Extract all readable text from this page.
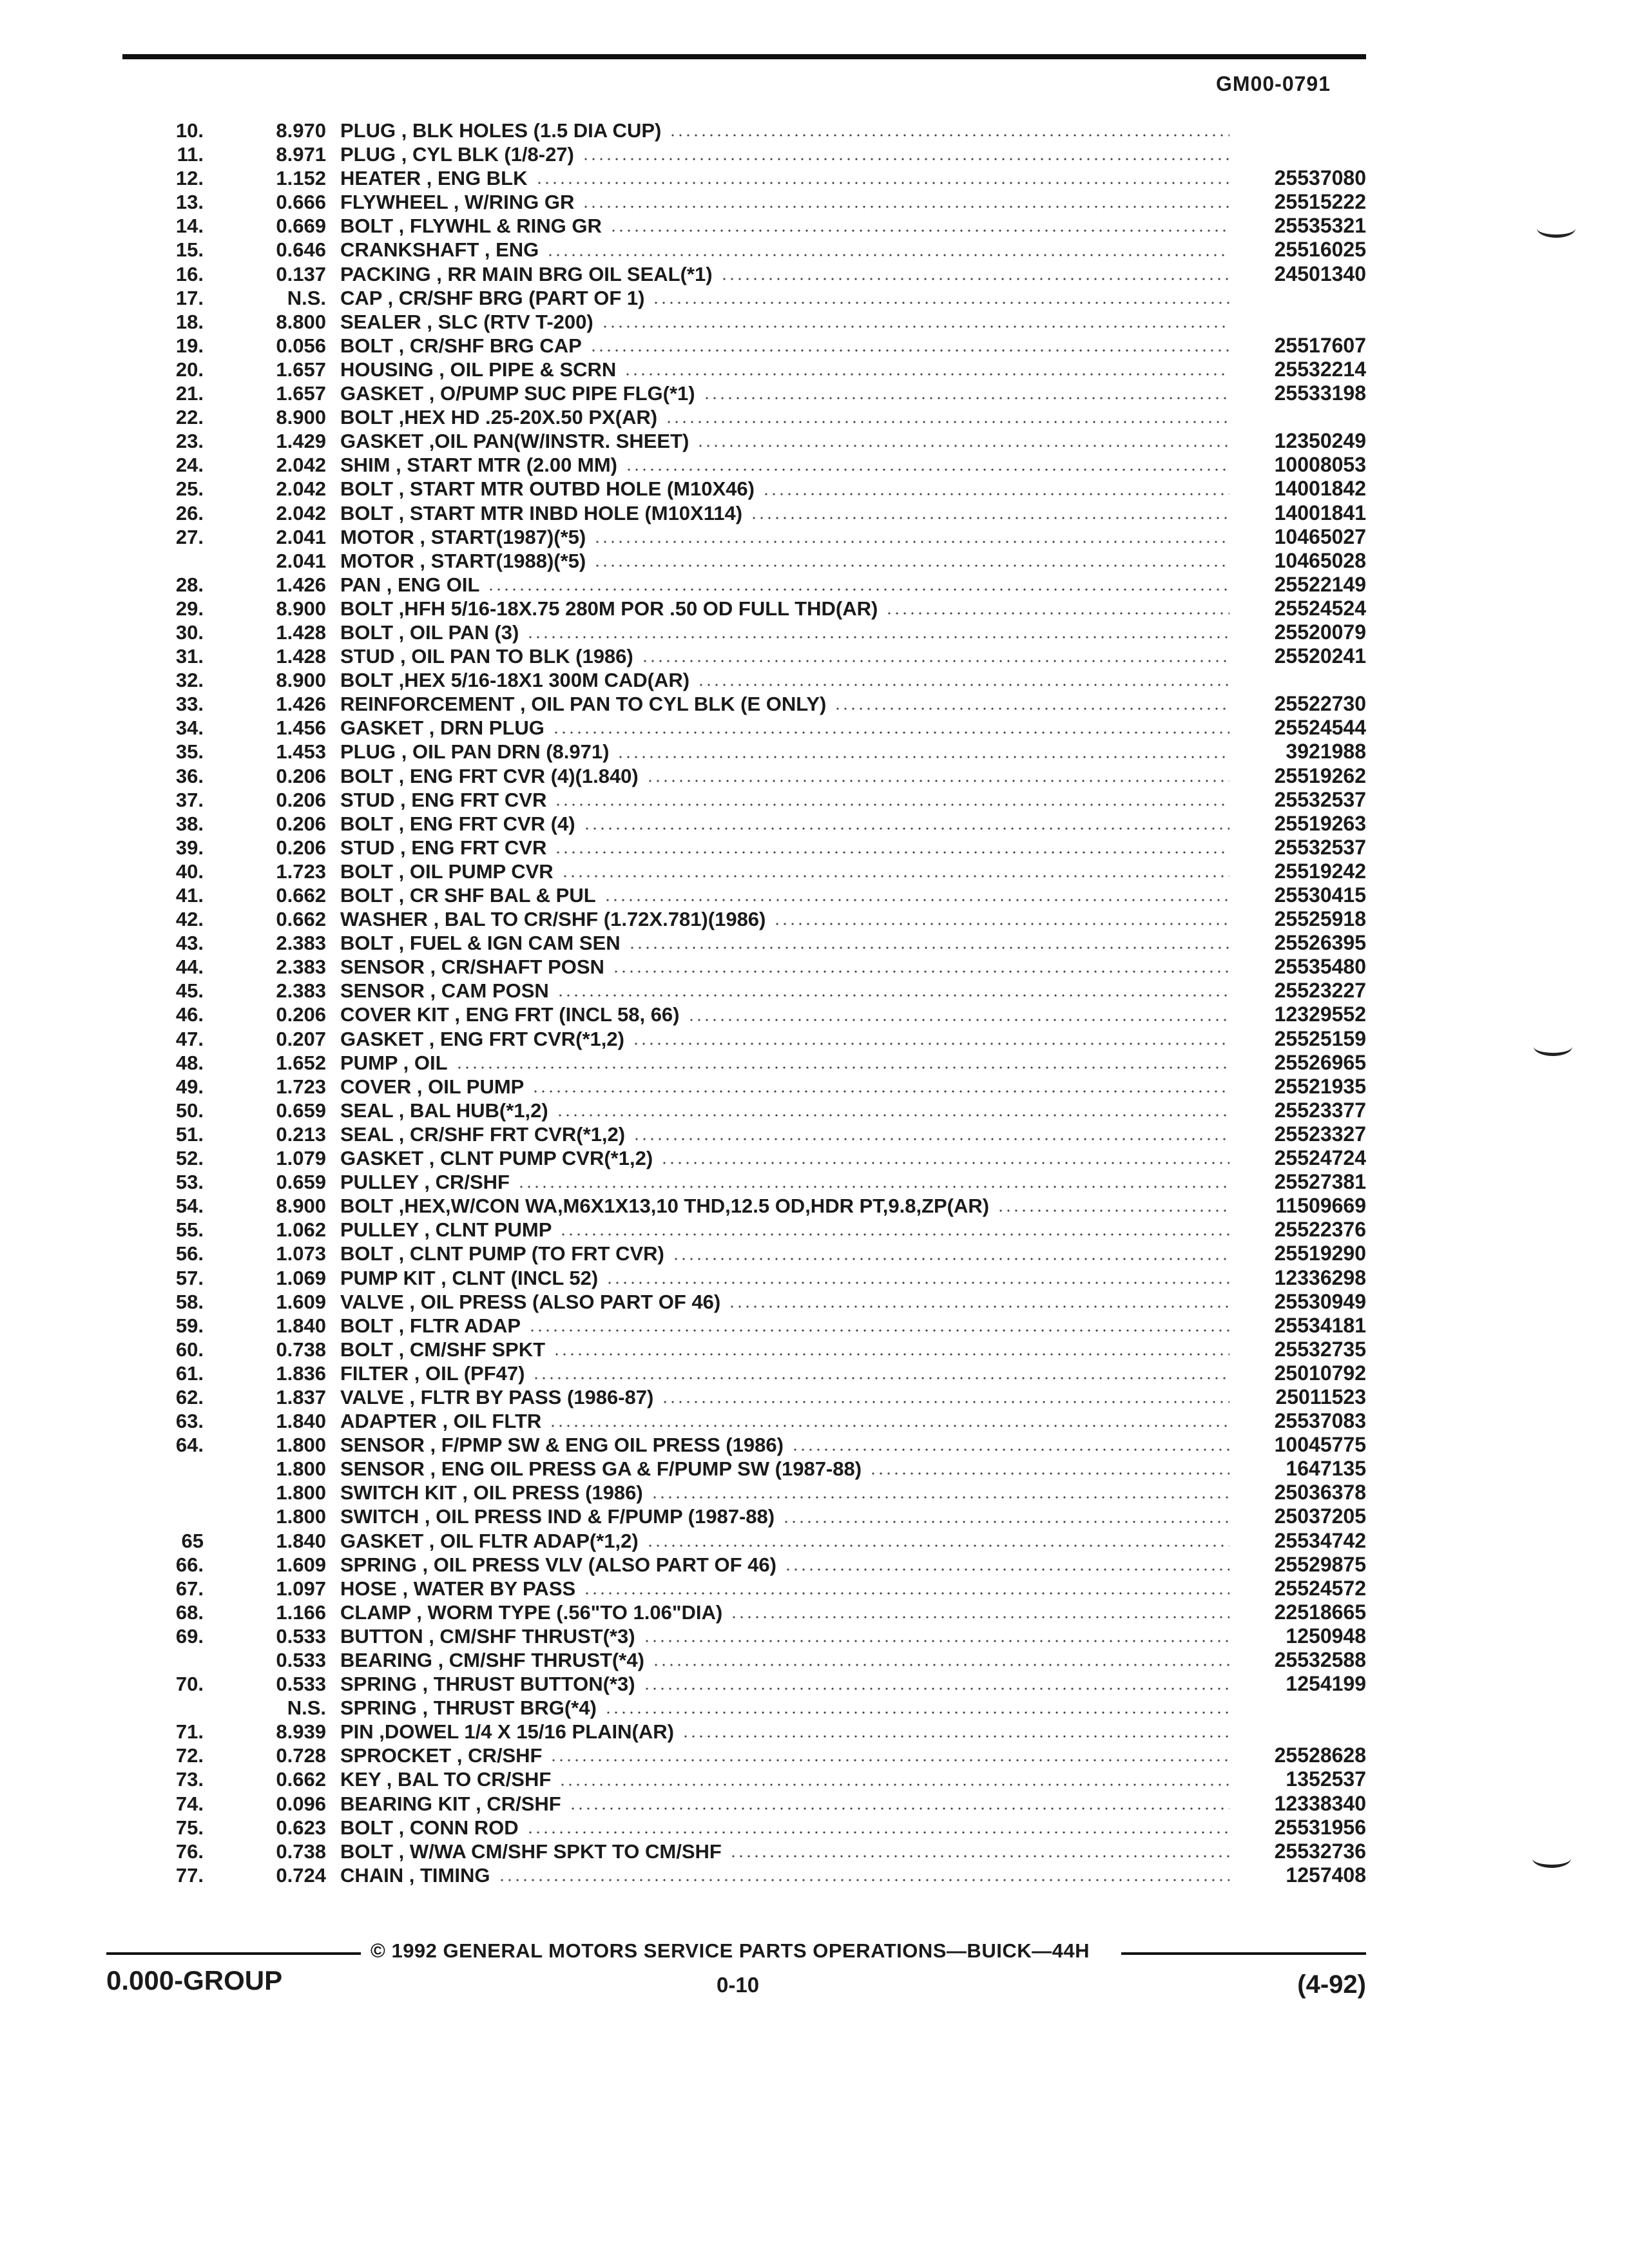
GM00-0791
10.	8.970 PLUG , BLK HOLES (1.5 DIA CUP)
11.	8.971 PLUG , CYL BLK (1/8-27)
12.	1.152 HEATER , ENG BLK	25537080
13.	0.666 FLYWHEEL , W/RING GR	25515222
14.	0.669 BOLT , FLYWHL & RING GR	25535321
15.	0.646 CRANKSHAFT , ENG	25516025
16.	0.137 PACKING , RR MAIN BRG OIL SEAL(*1)	24501340
17.	N.S. CAP , CR/SHF BRG (PART OF 1)
18.	8.800 SEALER , SLC (RTV T-200)
19.	0.056 BOLT , CR/SHF BRG CAP	25517607
20.	1.657 HOUSING , OIL PIPE & SCRN	25532214
21.	1.657 GASKET , O/PUMP SUC PIPE FLG(*1)	25533198
22.	8.900 BOLT ,HEX HD .25-20X.50 PX(AR)
23.	1.429 GASKET ,OIL PAN(W/INSTR. SHEET)	12350249
24.	2.042 SHIM , START MTR (2.00 MM)	10008053
25.	2.042 BOLT , START MTR OUTBD HOLE (M10X46)	14001842
26.	2.042 BOLT , START MTR INBD HOLE (M10X114)	14001841
27.	2.041 MOTOR , START(1987)(*5)	10465027
2.041 MOTOR , START(1988)(*5)	10465028
28.	1.426 PAN , ENG OIL	25522149
29.	8.900 BOLT ,HFH 5/16-18X.75 280M POR .50 OD FULL THD(AR)	25524524
30.	1.428 BOLT , OIL PAN (3)	25520079
31.	1.428 STUD , OIL PAN TO BLK (1986)	25520241
32.	8.900 BOLT ,HEX 5/16-18X1 300M CAD(AR)
33.	1.426 REINFORCEMENT , OIL PAN TO CYL BLK (E ONLY)	25522730
34.	1.456 GASKET , DRN PLUG	25524544
35.	1.453 PLUG , OIL PAN DRN (8.971)	3921988
36.	0.206 BOLT , ENG FRT CVR (4)(1.840)	25519262
37.	0.206 STUD , ENG FRT CVR	25532537
38.	0.206 BOLT , ENG FRT CVR (4)	25519263
39.	0.206 STUD , ENG FRT CVR	25532537
40.	1.723 BOLT , OIL PUMP CVR	25519242
41.	0.662 BOLT , CR SHF BAL & PUL	25530415
42.	0.662 WASHER , BAL TO CR/SHF (1.72X.781)(1986)	25525918
43.	2.383 BOLT , FUEL & IGN CAM SEN	25526395
44.	2.383 SENSOR , CR/SHAFT POSN	25535480
45.	2.383 SENSOR , CAM POSN	25523227
46.	0.206 COVER KIT , ENG FRT (INCL 58, 66)	12329552
47.	0.207 GASKET , ENG FRT CVR(*1,2)	25525159
48.	1.652 PUMP , OIL	25526965
49.	1.723 COVER , OIL PUMP	25521935
50.	0.659 SEAL , BAL HUB(*1,2)	25523377
51.	0.213 SEAL , CR/SHF FRT CVR(*1,2)	25523327
52.	1.079 GASKET , CLNT PUMP CVR(*1,2)	25524724
53.	0.659 PULLEY , CR/SHF	25527381
54.	8.900 BOLT ,HEX,W/CON WA,M6X1X13,10 THD,12.5 OD,HDR PT,9.8,ZP(AR)	11509669
55.	1.062 PULLEY , CLNT PUMP	25522376
56.	1.073 BOLT , CLNT PUMP (TO FRT CVR)	25519290
57.	1.069 PUMP KIT , CLNT (INCL 52)	12336298
58.	1.609 VALVE , OIL PRESS (ALSO PART OF 46)	25530949
59.	1.840 BOLT , FLTR ADAP	25534181
60.	0.738 BOLT , CM/SHF SPKT	25532735
61.	1.836 FILTER , OIL (PF47)	25010792
62.	1.837 VALVE , FLTR BY PASS (1986-87)	25011523
63.	1.840 ADAPTER , OIL FLTR	25537083
64.	1.800 SENSOR , F/PMP SW & ENG OIL PRESS (1986)	10045775
1.800 SENSOR , ENG OIL PRESS GA & F/PUMP SW (1987-88)	1647135
1.800 SWITCH KIT , OIL PRESS (1986)	25036378
1.800 SWITCH , OIL PRESS IND & F/PUMP (1987-88)	25037205
65	1.840 GASKET , OIL FLTR ADAP(*1,2)	25534742
66.	1.609 SPRING , OIL PRESS VLV (ALSO PART OF 46)	25529875
67.	1.097 HOSE , WATER BY PASS	25524572
68.	1.166 CLAMP , WORM TYPE (.56"TO 1.06"DIA)	22518665
69.	0.533 BUTTON , CM/SHF THRUST(*3)	1250948
0.533 BEARING , CM/SHF THRUST(*4)	25532588
70.	0.533 SPRING , THRUST BUTTON(*3)	1254199
N.S. SPRING , THRUST BRG(*4)
71.	8.939 PIN ,DOWEL 1/4 X 15/16 PLAIN(AR)
72.	0.728 SPROCKET , CR/SHF	25528628
73.	0.662 KEY , BAL TO CR/SHF	1352537
74.	0.096 BEARING KIT , CR/SHF	12338340
75.	0.623 BOLT , CONN ROD	25531956
76.	0.738 BOLT , W/WA CM/SHF SPKT TO CM/SHF	25532736
77.	0.724 CHAIN , TIMING	1257408
© 1992 GENERAL MOTORS SERVICE PARTS OPERATIONS—BUICK—44H
0.000-GROUP	0-10	(4-92)
